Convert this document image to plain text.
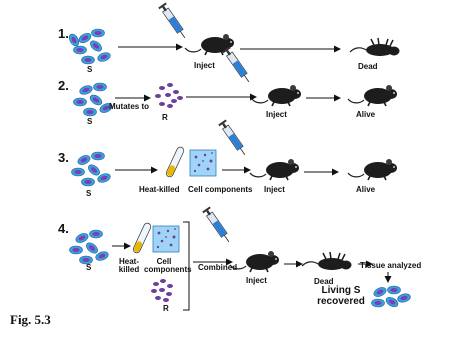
1.
S	Inject	Dead
2.
S
Mutates to
R	Inject	Alive
3.
S	Heat-killed Cell components Inject	Alive
4.
S
Heat-killed
Cell components
R
Combined
Inject	Dead
Tissue analyzed
Living S recovered
Fig. 5.3
